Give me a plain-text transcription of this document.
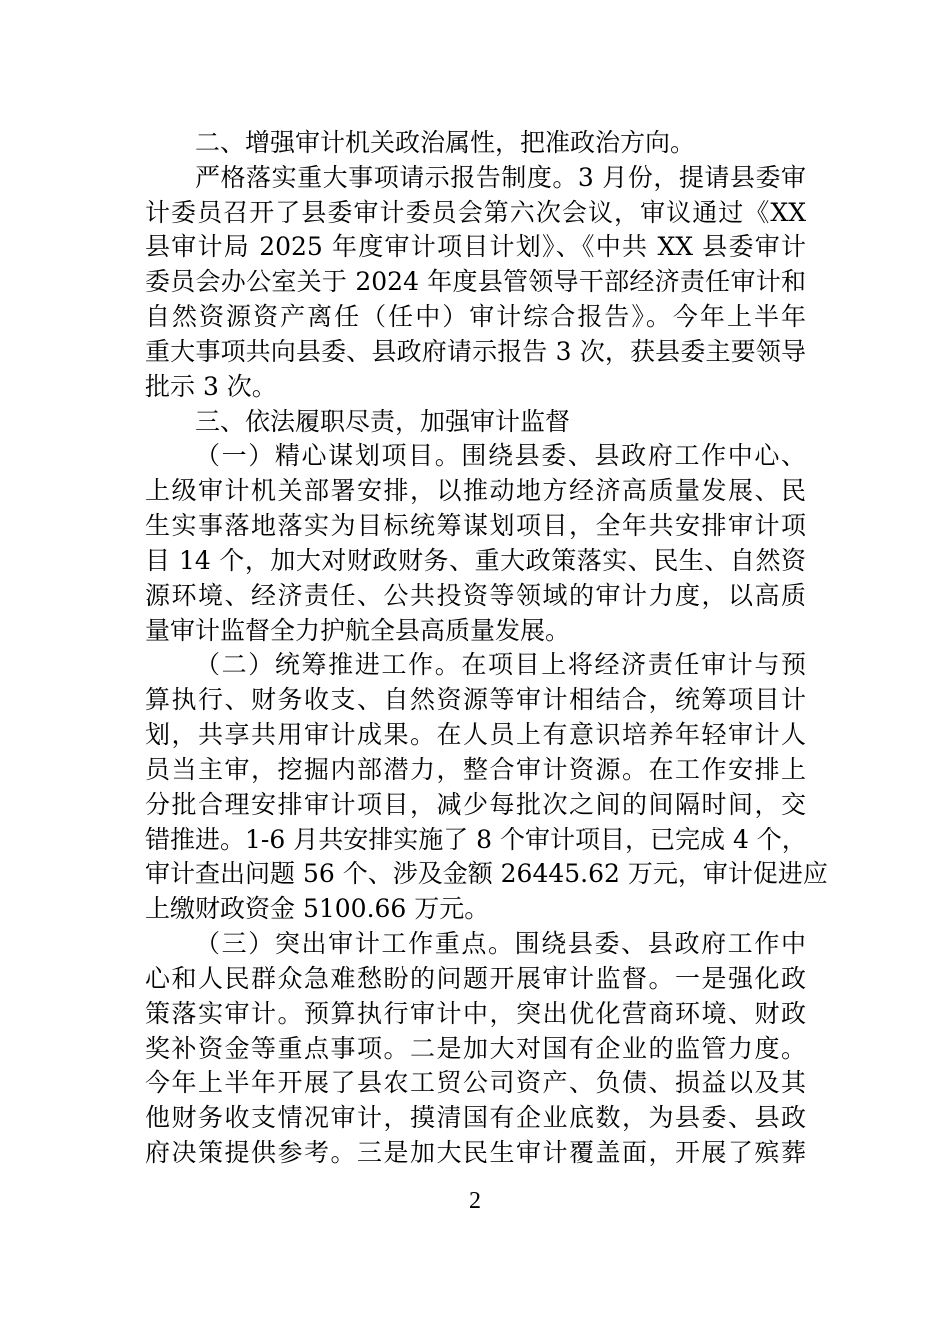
二、增强审计机关政治属性，把准政治方向。
严格落实重大事项请示报告制度。3 月份，提请县委审
计委员召开了县委审计委员会第六次会议，审议通过《XX
县审计局 2025 年度审计项目计划》、《中共 XX 县委审计
委员会办公室关于 2024 年度县管领导干部经济责任审计和
自然资源资产离任（任中）审计综合报告》。今年上半年
重大事项共向县委、县政府请示报告 3 次，获县委主要领导
批示 3 次。
三、依法履职尽责，加强审计监督
（一）精心谋划项目。围绕县委、县政府工作中心、
上级审计机关部署安排，以推动地方经济高质量发展、民
生实事落地落实为目标统筹谋划项目，全年共安排审计项
目 14 个，加大对财政财务、重大政策落实、民生、自然资
源环境、经济责任、公共投资等领域的审计力度，以高质
量审计监督全力护航全县高质量发展。
（二）统筹推进工作。在项目上将经济责任审计与预
算执行、财务收支、自然资源等审计相结合，统筹项目计
划，共享共用审计成果。在人员上有意识培养年轻审计人
员当主审，挖掘内部潜力，整合审计资源。在工作安排上
分批合理安排审计项目，减少每批次之间的间隔时间，交
错推进。1-6 月共安排实施了 8 个审计项目，已完成 4 个，
审计查出问题 56 个、涉及金额 26445.62 万元，审计促进应
上缴财政资金 5100.66 万元。
（三）突出审计工作重点。围绕县委、县政府工作中
心和人民群众急难愁盼的问题开展审计监督。一是强化政
策落实审计。预算执行审计中，突出优化营商环境、财政
奖补资金等重点事项。二是加大对国有企业的监管力度。
今年上半年开展了县农工贸公司资产、负债、损益以及其
他财务收支情况审计，摸清国有企业底数，为县委、县政
府决策提供参考。三是加大民生审计覆盖面，开展了殡葬
2
